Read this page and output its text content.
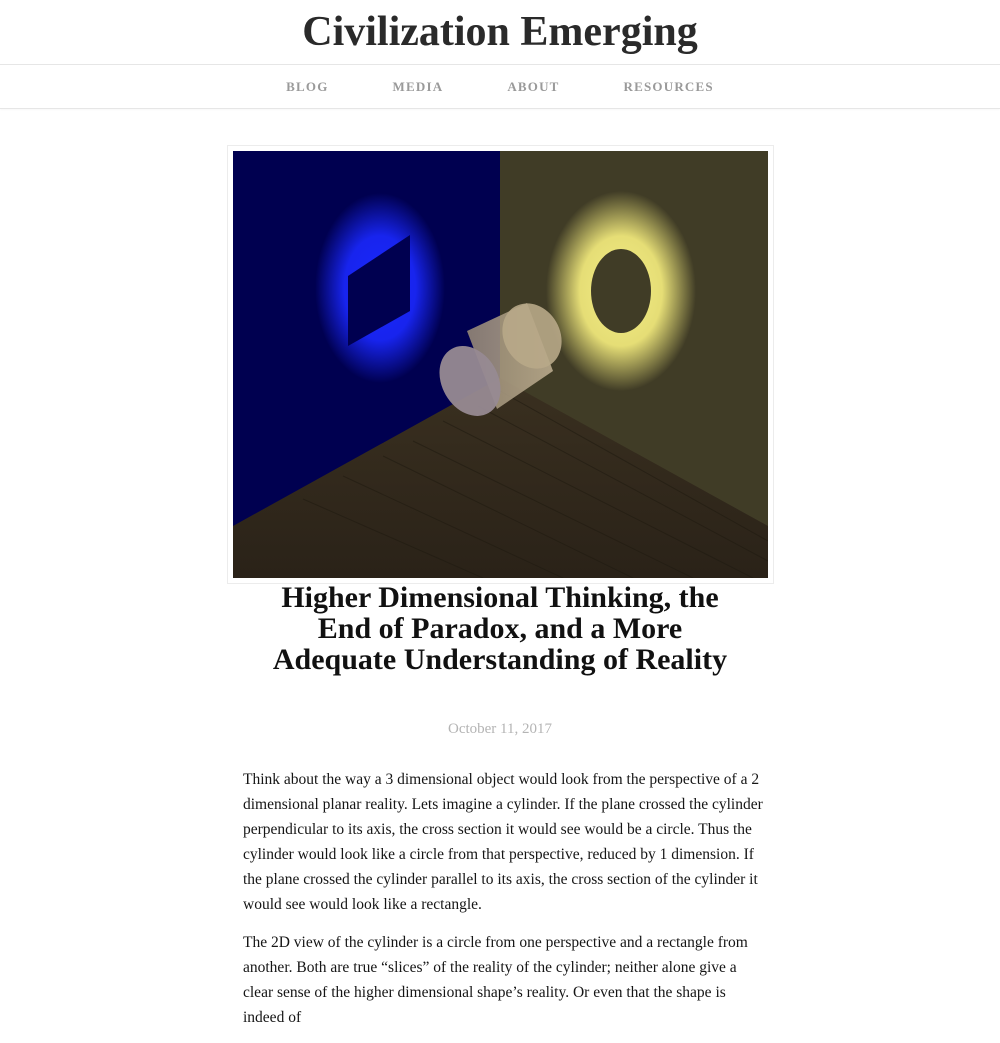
Civilization Emerging
BLOG	MEDIA	ABOUT	RESOURCES
Higher Dimensional Thinking, the End of Paradox, and a More Adequate Understanding of Reality
October 11, 2017

Think about the way a 3 dimensional object would look from the perspective of a 2 dimensional planar reality. Lets imagine a cylinder. If the plane crossed the cylinder perpendicular to its axis, the cross section it would see would be a circle. Thus the cylinder would look like a circle from that perspective, reduced by 1 dimension. If the plane crossed the cylinder parallel to its axis, the cross section of the cylinder it would see would look like a rectangle.

The 2D view of the cylinder is a circle from one perspective and a rectangle from another. Both are true “slices” of the reality of the cylinder; neither alone give a clear sense of the higher dimensional shape’s reality. Or even that the shape is indeed of
